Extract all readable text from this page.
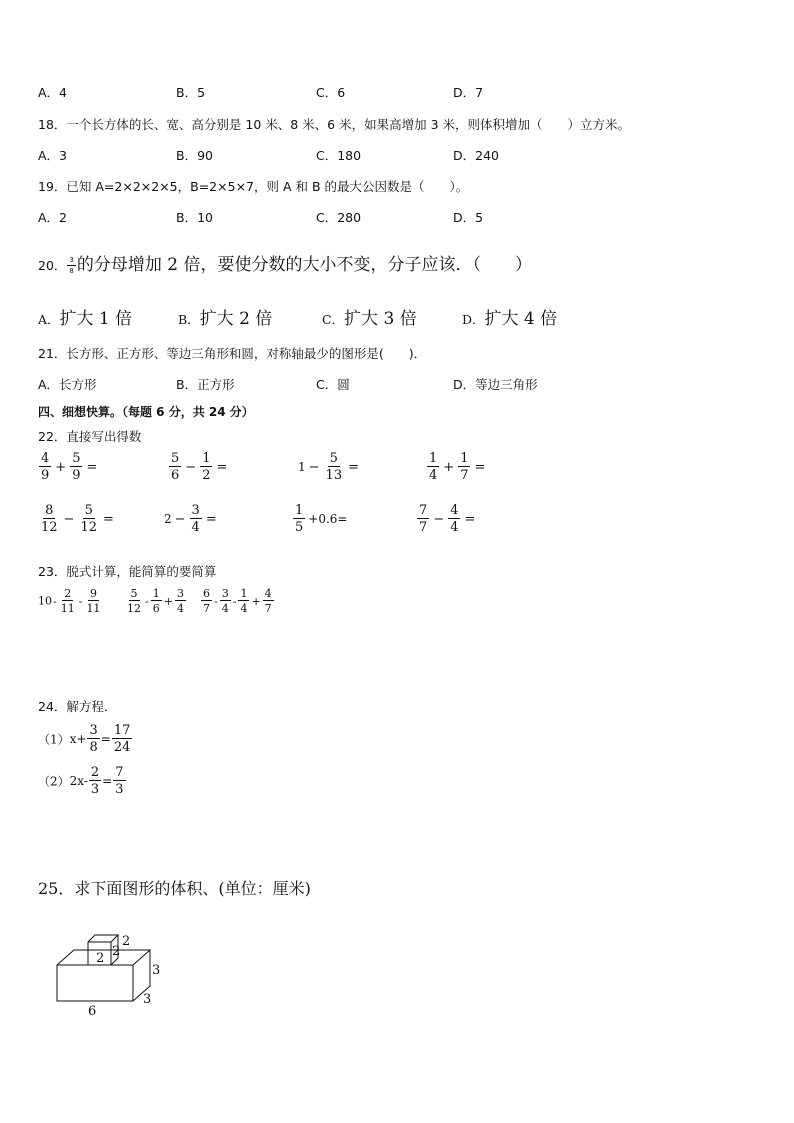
A．4	B．5	C．6	D．7
18．一个长方体的长、宽、高分别是 10 米、8 米、6 米，如果高增加 3 米，则体积增加（　　）立方米。
A．3	B．90	C．180	D．240
19．已知 A=2×2×2×5，B=2×5×7，则 A 和 B 的最大公因数是（　　）。
A．2	B．10	C．280	D．5
20． $\frac{3}{8}$ 的分母增加 2 倍，要使分数的大小不变，分子应该．（　　）
A．扩大 1 倍	B．扩大 2 倍	C．扩大 3 倍	D．扩大 4 倍
21．长方形、正方形、等边三角形和圆，对称轴最少的图形是(　　)．
A．长方形	B．正方形	C．圆	D．等边三角形
四、细想快算。（每题 6 分，共 24 分）
22．直接写出得数
$\frac{4}{9} + \frac{5}{9}$ =	$\frac{5}{6} - \frac{1}{2}$ =	$1 - \frac{5}{13}$ =	$\frac{1}{4} + \frac{1}{7}$ =
$\frac{8}{12} - \frac{5}{12}$ =	$2 - \frac{3}{4}$ =	$\frac{1}{5} +0.6=$	$\frac{7}{7} - \frac{4}{4}$ =
23．脱式计算，能简算的要简算
$10- \frac{2}{11} - \frac{9}{11} \frac{5}{12} - \frac{1}{6} + \frac{3}{4} \frac{6}{7} - \frac{3}{4} - \frac{1}{4} + \frac{4}{7}$
24．解方程．
$(1)x+ \frac{3}{8} = \frac{17}{24}$
$(2)2x- \frac{2}{3} = \frac{7}{3}$
25．求下面图形的体积、(单位：厘米)
2 2
2
3
3
6
